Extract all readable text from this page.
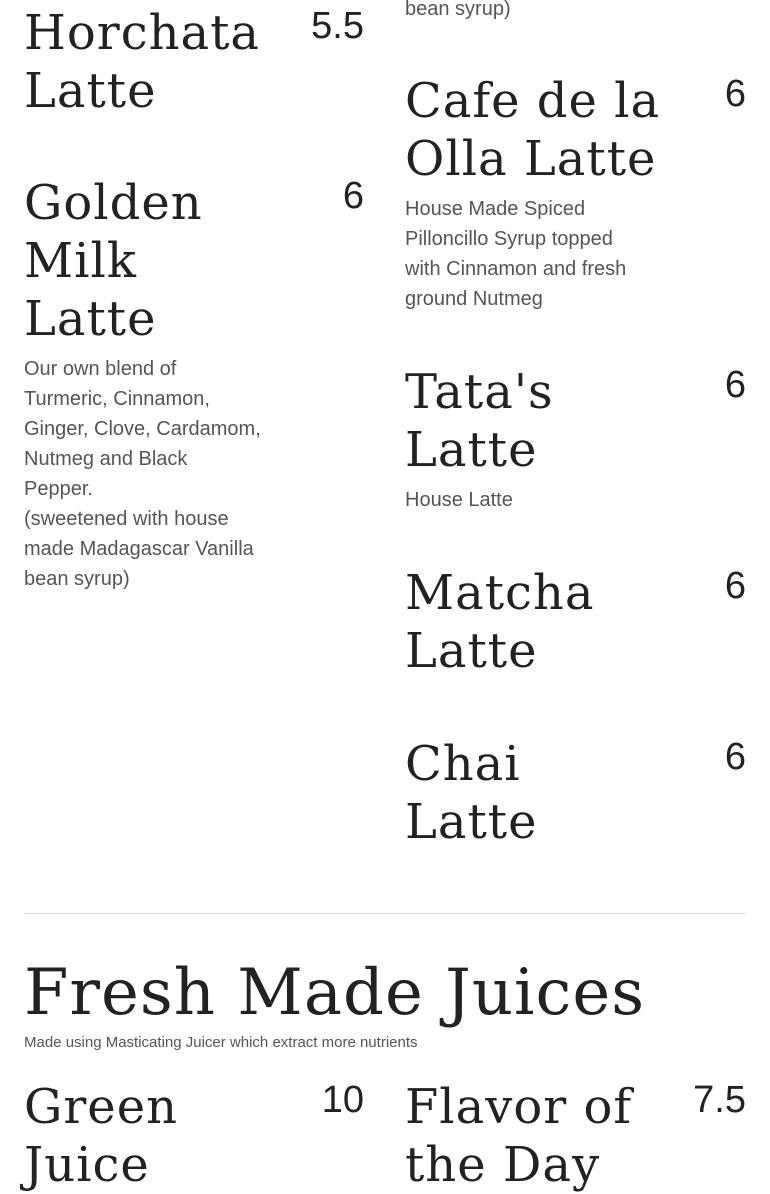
bean syrup)
Horchata
Latte
5.5
Golden
Milk
Latte
6

Our own blend of
Turmeric, Cinnamon,
Ginger, Clove, Cardamom,
Nutmeg and Black
Pepper.
(sweetened with house
made Madagascar Vanilla
bean syrup)

Cafe de la
Olla Latte
6

House Made Spiced
Pilloncillo Syrup topped
with Cinnamon and fresh
ground Nutmeg

Tata's
Latte
6

House Latte

Matcha
Latte
6
Chai
Latte
6
Fresh Made Juices
Made using Masticating Juicer which extract more nutrients
Green
Juice
10 Flavor of
the Day
7.5
